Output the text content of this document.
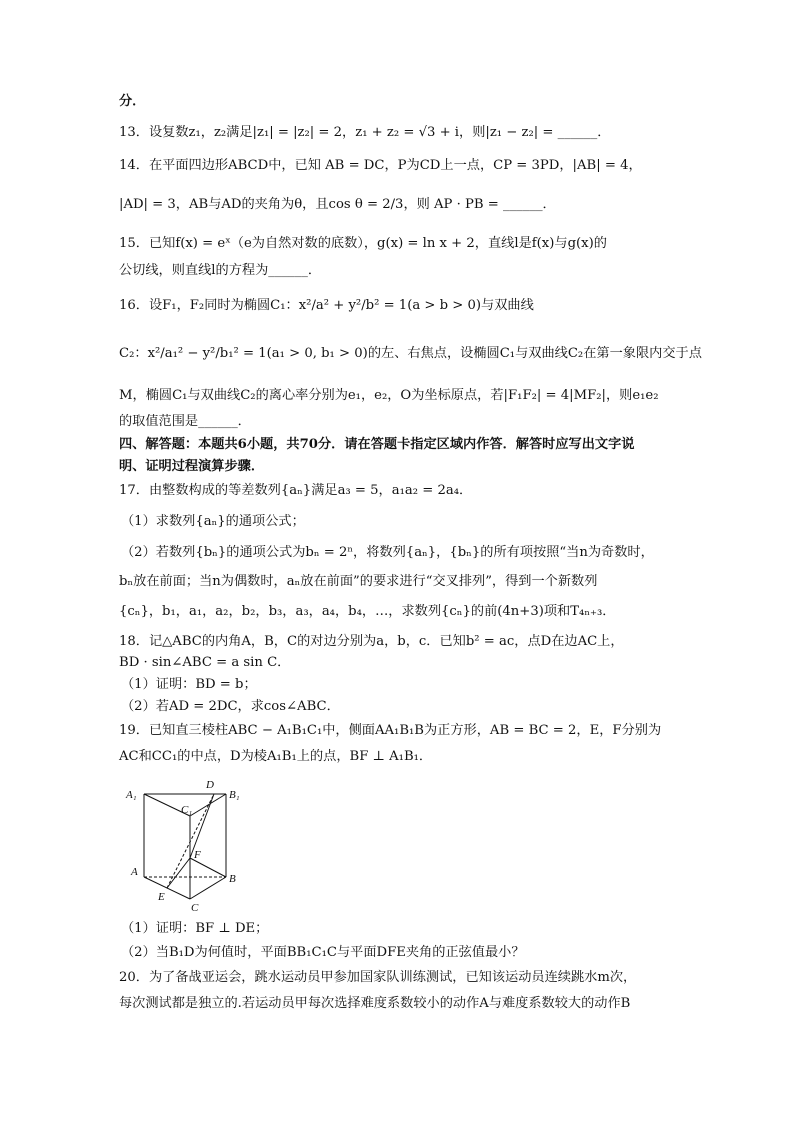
分．
13．设复数z₁，z₂满足|z₁| = |z₂| = 2，z₁ + z₂ = √3 + i，则|z₁ − z₂| = ______．
14．在平面四边形ABCD中，已知 AB = DC，P为CD上一点，CP = 3PD，|AB| = 4，
|AD| = 3，AB与AD的夹角为θ，且cos θ = 2/3，则 AP · PB = ______．
15．已知f(x) = eˣ（e为自然对数的底数），g(x) = ln x + 2，直线l是f(x)与g(x)的
公切线，则直线l的方程为______．
16．设F₁，F₂同时为椭圆C₁：x²/a² + y²/b² = 1(a > b > 0)与双曲线
C₂：x²/a₁² − y²/b₁² = 1(a₁ > 0, b₁ > 0)的左、右焦点，设椭圆C₁与双曲线C₂在第一象限内交于点
M，椭圆C₁与双曲线C₂的离心率分别为e₁，e₂，O为坐标原点，若|F₁F₂| = 4|MF₂|，则e₁e₂
的取值范围是______．
四、解答题：本题共6小题，共70分．请在答题卡指定区域内作答．解答时应写出文字说
明、证明过程演算步骤．
17．由整数构成的等差数列{aₙ}满足a₃ = 5，a₁a₂ = 2a₄．
（1）求数列{aₙ}的通项公式；
（2）若数列{bₙ}的通项公式为bₙ = 2ⁿ，将数列{aₙ}，{bₙ}的所有项按照“当n为奇数时，
bₙ放在前面；当n为偶数时，aₙ放在前面”的要求进行“交叉排列”，得到一个新数列
{cₙ}，b₁，a₁，a₂，b₂，b₃，a₃，a₄，b₄，…，求数列{cₙ}的前(4n+3)项和T₄ₙ₊₃．
18．记△ABC的内角A，B，C的对边分别为a，b，c．已知b² = ac，点D在边AC上，
BD · sin∠ABC = a sin C．
（1）证明：BD = b；
（2）若AD = 2DC，求cos∠ABC．
19．已知直三棱柱ABC − A₁B₁C₁中，侧面AA₁B₁B为正方形，AB = BC = 2，E，F分别为
AC和CC₁的中点，D为棱A₁B₁上的点，BF ⊥ A₁B₁．
A₁	B₁
C₁
D
F
A
B
E
C
（1）证明：BF ⊥ DE；
（2）当B₁D为何值时，平面BB₁C₁C与平面DFE夹角的正弦值最小？
20．为了备战亚运会，跳水运动员甲参加国家队训练测试，已知该运动员连续跳水m次，
每次测试都是独立的.若运动员甲每次选择难度系数较小的动作A与难度系数较大的动作B
